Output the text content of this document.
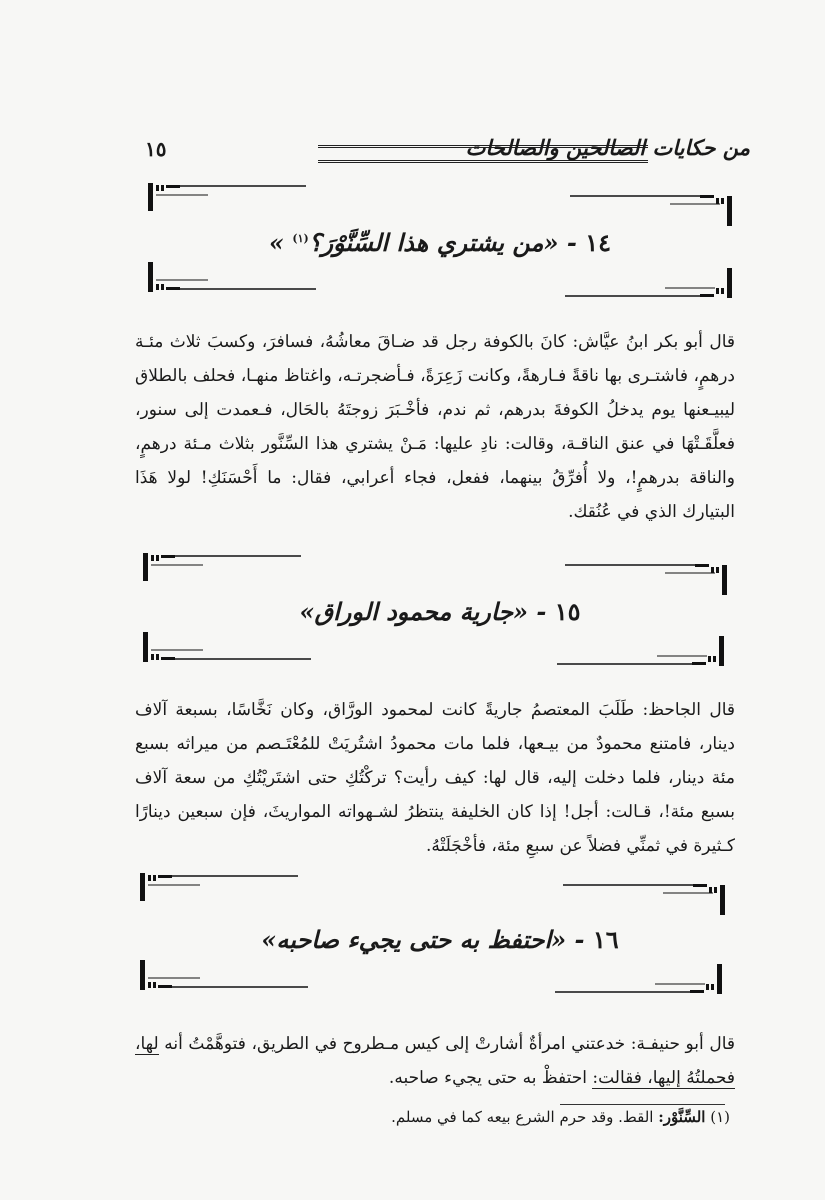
١٥	من حكايات الصالحين والصالحات
١٤ - «من يشتري هذا السِّنَّوْرَ؟$^{(١)}$ »

قال أبو بكر ابنُ عيَّاش: كانَ بالكوفة رجل قد ضـاقَ معاشُهُ، فسافرَ، وكسبَ ثلاث مئـة درهمٍ، فاشتـرى بها ناقةً فـارهةً، وكانت زَعِرَةً، فـأضجرتـه، واغتاظ منهـا، فحلف بالطلاق ليبيـعنها يوم يدخلُ الكوفةَ بدرهم، ثم ندم، فأخْـبَرَ زوجتَهُ بالحَال، فـعمدت إلى سنور، فعلَّقَـتْهَا في عنق الناقـة، وقالت: نادِ عليها: مَـنْ يشتري هذا السِّنَّور بثلاث مـئة درهمٍ، والناقة بدرهمٍ!، ولا أُفرِّقُ بينهما، ففعل، فجاء أعرابي، فقال: ما أَحْسَنَكِ! لولا هَذَا البتيارك الذي في عُنُقك.

١٥ - «جارية محمود الوراق»

قال الجاحظ: طَلَبَ المعتصمُ جاريةً كانت لمحمود الورَّاق، وكان نَخَّاسًا، بسبعة آلاف دينار، فامتنع محمودٌ من بيـعها، فلما مات محمودُ اشتُريَتْ للمُعْتَـصم من ميراثه بسبع مئة دينار، فلما دخلت إليه، قال لها: كيف رأيت؟ تركْتُكِ حتى اشتَريْتُكِ من سعة آلاف بسبع مئة!، قـالت: أجل! إذا كان الخليفة ينتظرُ لشـهواته المواريثَ، فإن سبعين دينارًا كـثيرة في ثمنِّي فضلاً عن سبعِ مئة، فأخْجَلَتْهُ.

١٦ - «احتفظ به حتى يجيء صاحبه»

قال أبو حنيفـة: خدعتني امرأةٌ أشارتْ إلى كيس مـطروح في الطريق، فتوهَّمْتُ أنه لها، فحملتُهُ إليها، فقالت: احتفظْ به حتى يجيء صاحبه.

(١) السِّنَّوْر: القط. وقد حرم الشرع بيعه كما في مسلم.
